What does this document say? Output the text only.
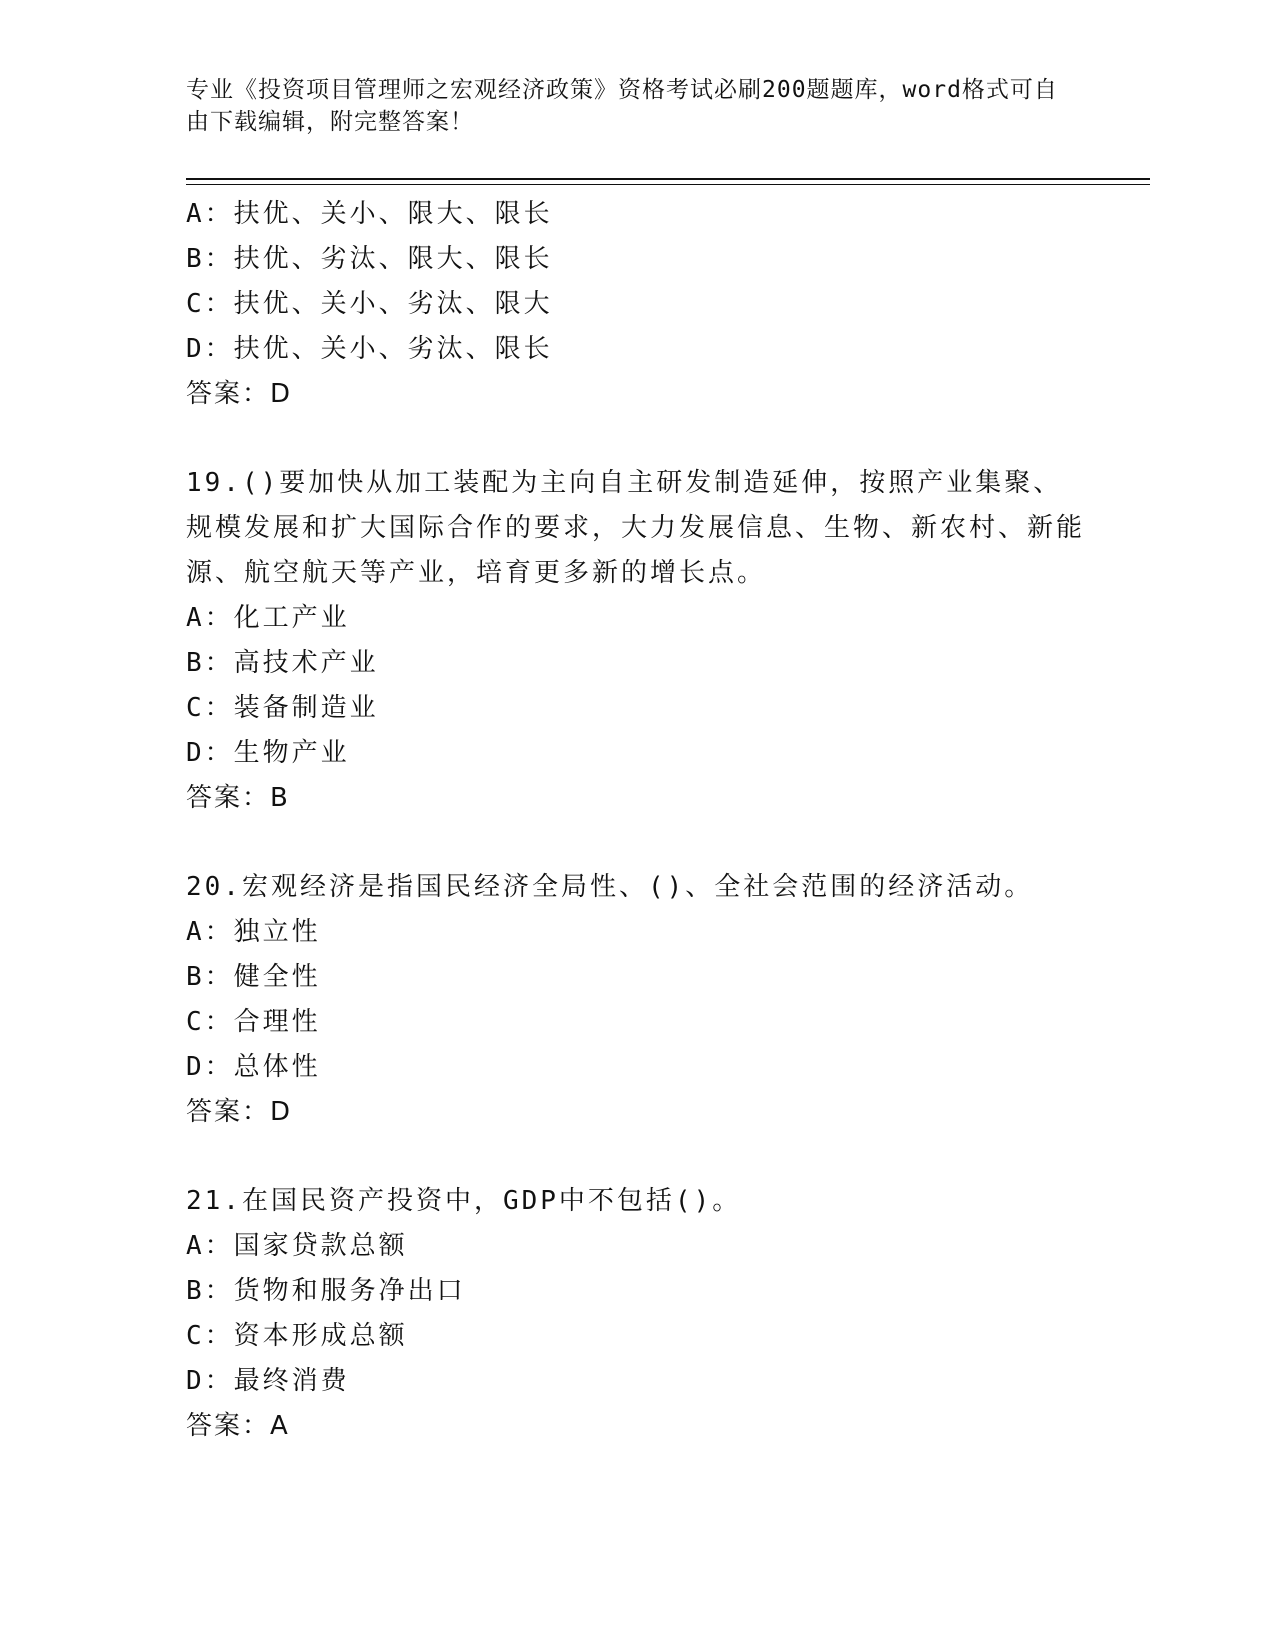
专业《投资项目管理师之宏观经济政策》资格考试必刷200题题库，word格式可自由下载编辑，附完整答案！
A：扶优、关小、限大、限长
B：扶优、劣汰、限大、限长
C：扶优、关小、劣汰、限大
D：扶优、关小、劣汰、限长
答案：D
19.()要加快从加工装配为主向自主研发制造延伸，按照产业集聚、规模发展和扩大国际合作的要求，大力发展信息、生物、新农村、新能源、航空航天等产业，培育更多新的增长点。
A：化工产业
B：高技术产业
C：装备制造业
D：生物产业
答案：B
20.宏观经济是指国民经济全局性、()、全社会范围的经济活动。
A：独立性
B：健全性
C：合理性
D：总体性
答案：D
21.在国民资产投资中，GDP中不包括()。
A：国家贷款总额
B：货物和服务净出口
C：资本形成总额
D：最终消费
答案：A
